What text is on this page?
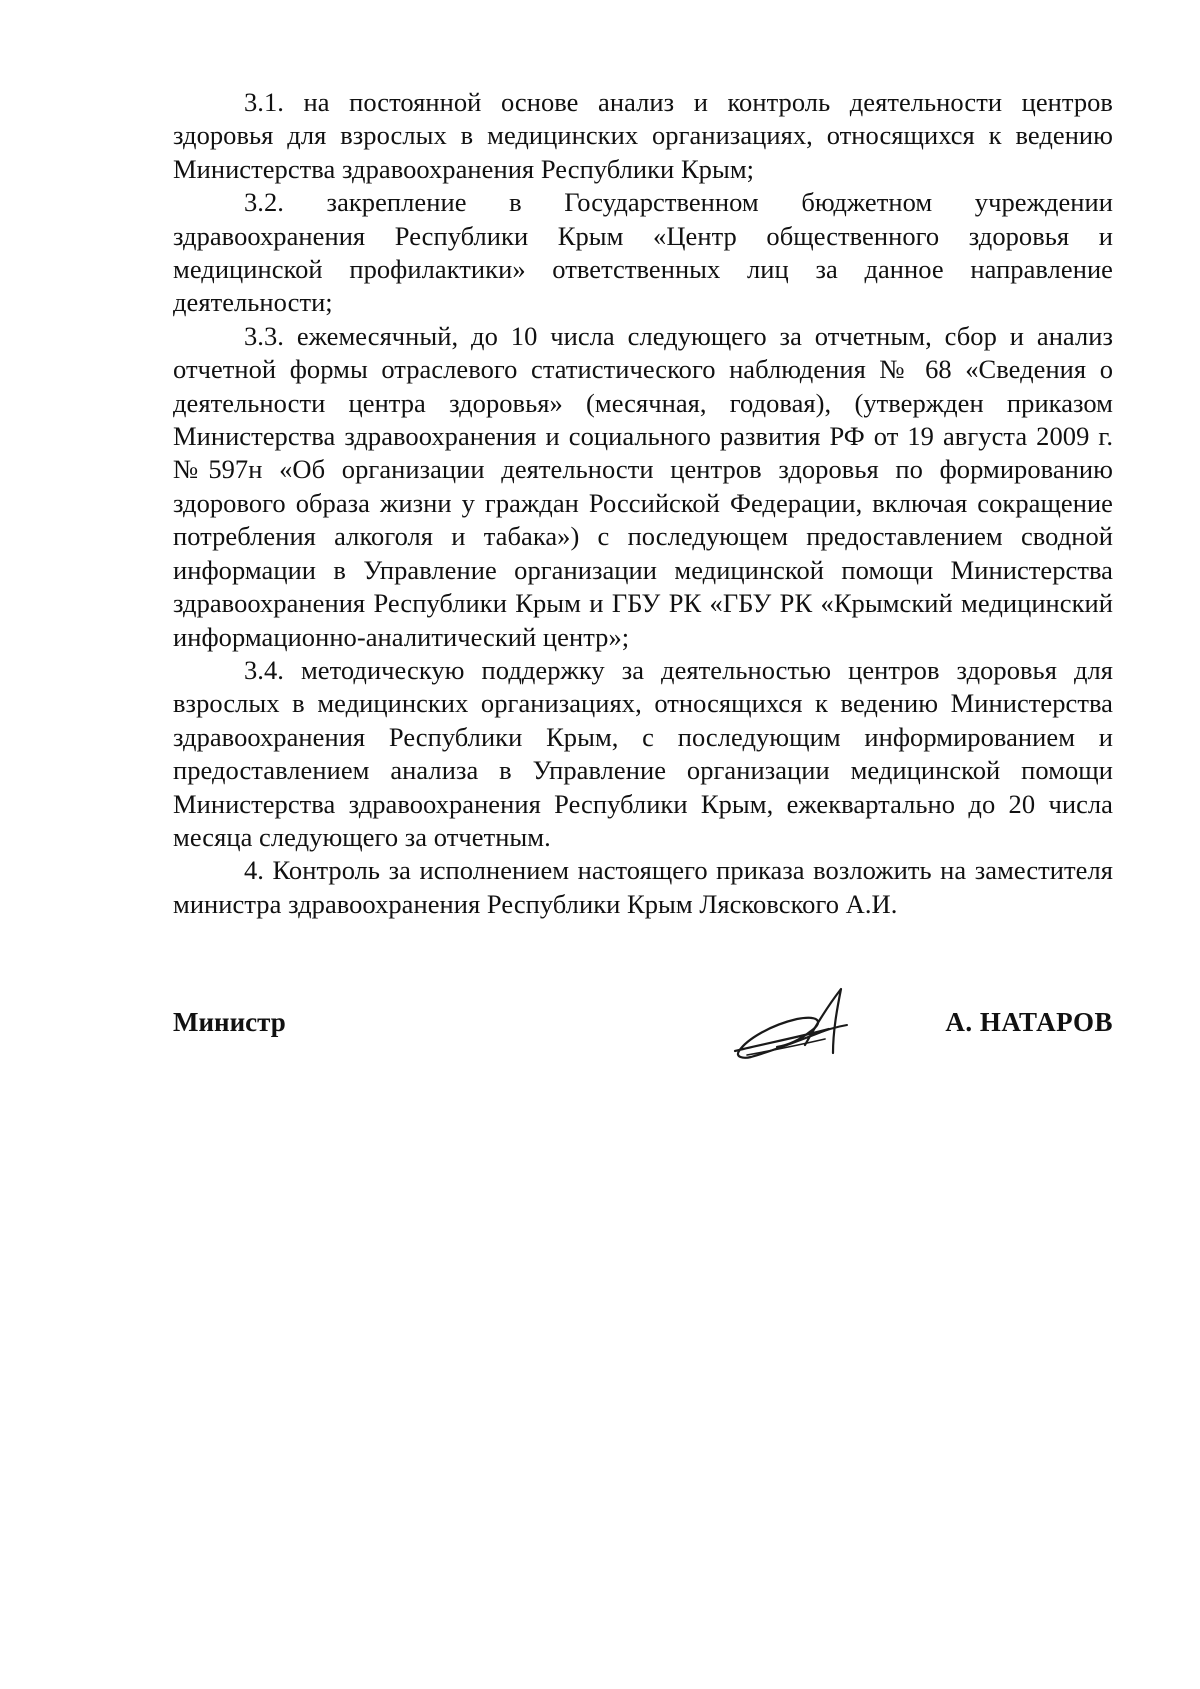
3.1. на постоянной основе анализ и контроль деятельности центров здоровья для взрослых в медицинских организациях, относящихся к ведению Министерства здравоохранения Республики Крым;

3.2. закрепление в Государственном бюджетном учреждении здравоохранения Республики Крым «Центр общественного здоровья и медицинской профилактики» ответственных лиц за данное направление деятельности;

3.3. ежемесячный, до 10 числа следующего за отчетным, сбор и анализ отчетной формы отраслевого статистического наблюдения № 68 «Сведения о деятельности центра здоровья» (месячная, годовая), (утвержден приказом Министерства здравоохранения и социального развития РФ от 19 августа 2009 г. №597н «Об организации деятельности центров здоровья по формированию здорового образа жизни у граждан Российской Федерации, включая сокращение потребления алкоголя и табака») с последующем предоставлением сводной информации в Управление организации медицинской помощи Министерства здравоохранения Республики Крым и ГБУ РК «ГБУ РК «Крымский медицинский информационно-аналитический центр»;

3.4. методическую поддержку за деятельностью центров здоровья для взрослых в медицинских организациях, относящихся к ведению Министерства здравоохранения Республики Крым, с последующим информированием и предоставлением анализа в Управление организации медицинской помощи Министерства здравоохранения Республики Крым, ежеквартально до 20 числа месяца следующего за отчетным.

4. Контроль за исполнением настоящего приказа возложить на заместителя министра здравоохранения Республики Крым Лясковского А.И.

Министр	А. НАТАРОВ
